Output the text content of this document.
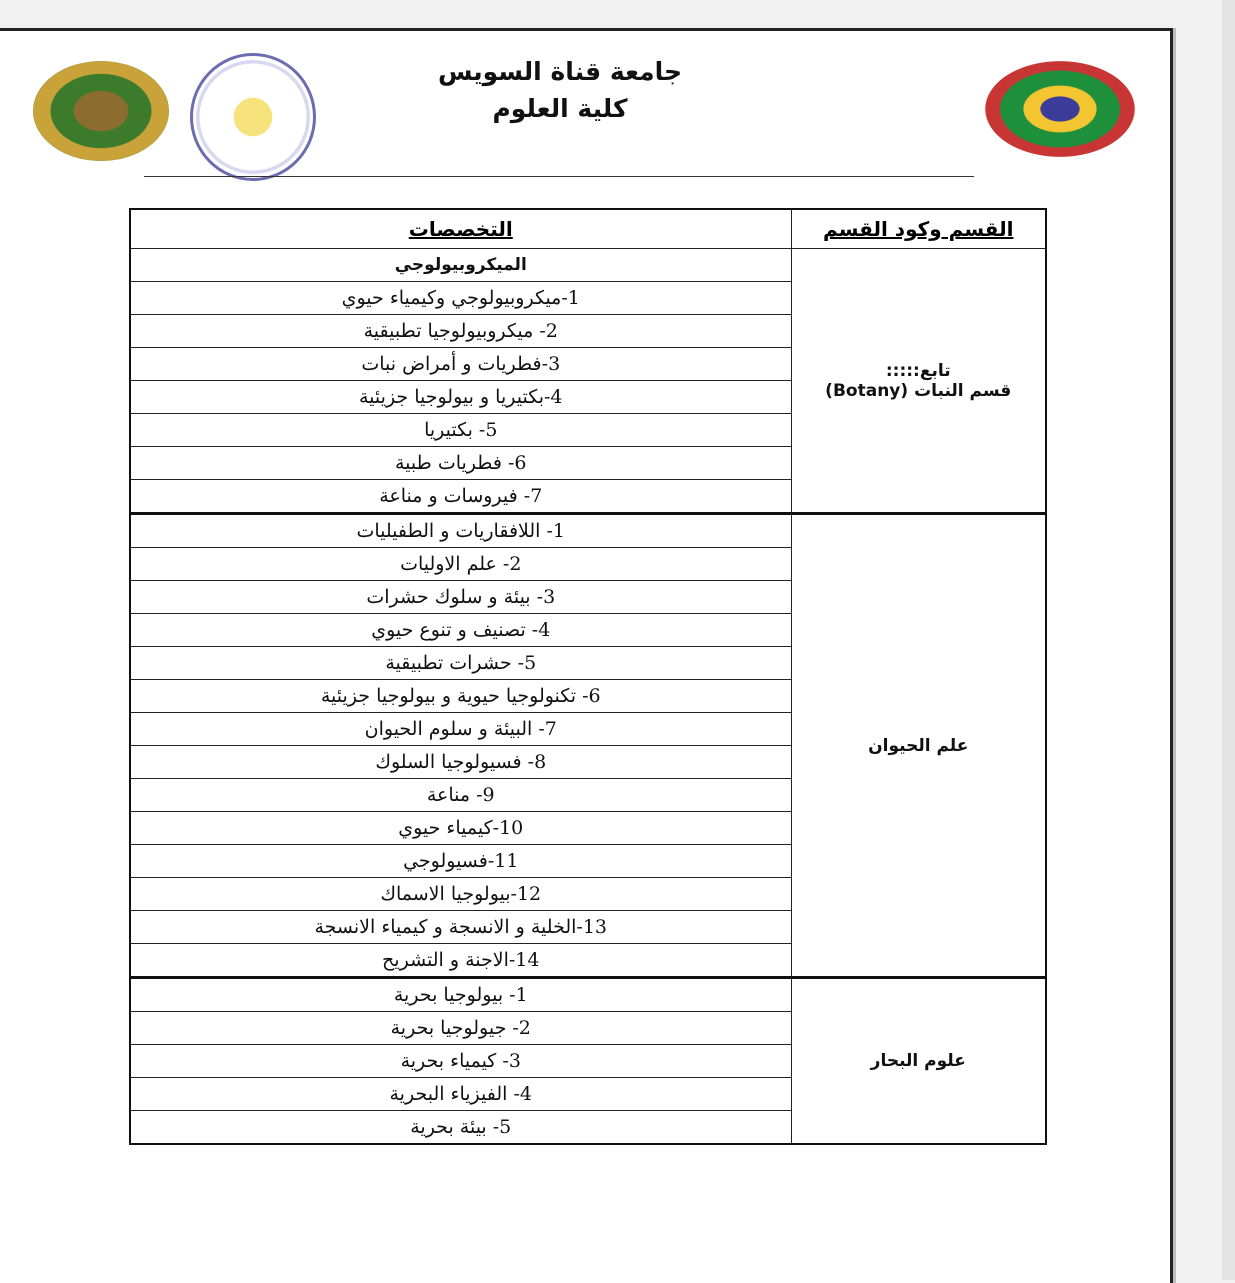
جامعة قناة السويس
كلية العلوم
التخصصات	القسم وكود القسم
الميكروبيولوجي	تابع:::::
قسم النبات (Botany)

1-ميكروبيولوجي وكيمياء حيوي	
2- ميكروبيولوجيا تطبيقية	
3-فطريات و أمراض نبات	
4-بكتيريا و بيولوجيا جزيئية	
5- بكتيريا	
6- فطريات طبية	
7- فيروسات و مناعة	
1- اللافقاريات و الطفيليات	علم الحيوان

2- علم الاوليات	
3- بيئة و سلوك حشرات	
4- تصنيف و تنوع حيوي	
5- حشرات تطبيقية	
6- تكنولوجيا حيوية و بيولوجيا جزيئية	
7- البيئة و سلوم الحيوان	
8- فسيولوجيا السلوك	
9- مناعة	
10-كيمياء حيوي	
11-فسيولوجي	
12-بيولوجيا الاسماك	
13-الخلية و الانسجة و كيمياء الانسجة	
14-الاجنة و التشريح	
1- بيولوجيا بحرية	علوم البحار

2- جيولوجيا بحرية	
3- كيمياء بحرية	
4- الفيزياء البحرية	
5- بيئة بحرية	
